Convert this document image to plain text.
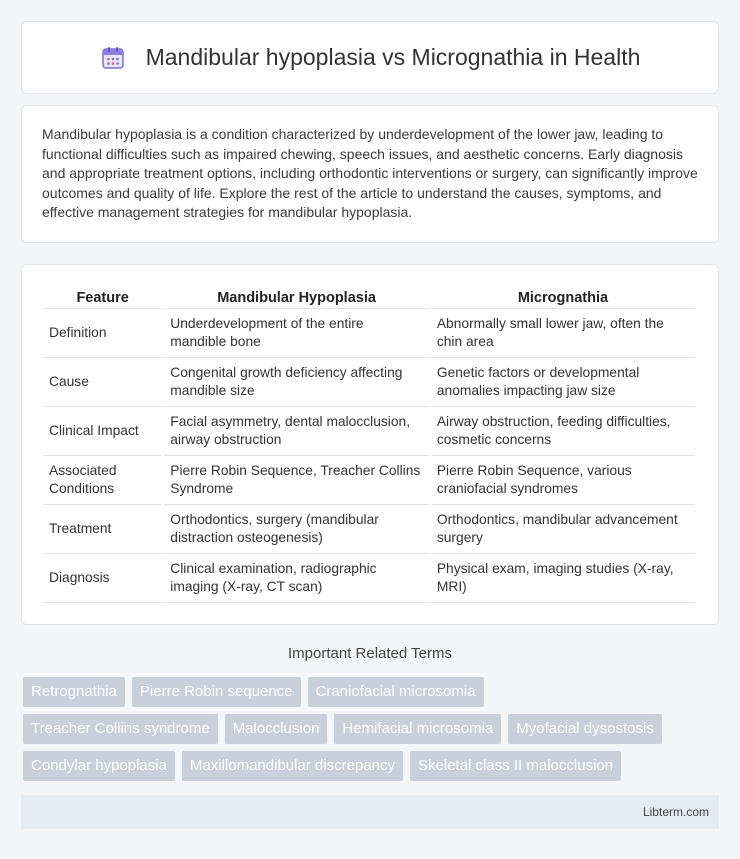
Mandibular hypoplasia vs Micrognathia in Health

Mandibular hypoplasia is a condition characterized by underdevelopment of the lower jaw, leading to functional difficulties such as impaired chewing, speech issues, and aesthetic concerns. Early diagnosis and appropriate treatment options, including orthodontic interventions or surgery, can significantly improve outcomes and quality of life. Explore the rest of the article to understand the causes, symptoms, and effective management strategies for mandibular hypoplasia.

Feature	Mandibular Hypoplasia	Micrognathia
Definition	Underdevelopment of the entire mandible bone	Abnormally small lower jaw, often the chin area
Cause	Congenital growth deficiency affecting mandible size	Genetic factors or developmental anomalies impacting jaw size
Clinical Impact	Facial asymmetry, dental malocclusion, airway obstruction	Airway obstruction, feeding difficulties, cosmetic concerns
Associated Conditions	Pierre Robin Sequence, Treacher Collins Syndrome	Pierre Robin Sequence, various craniofacial syndromes
Treatment	Orthodontics, surgery (mandibular distraction osteogenesis)	Orthodontics, mandibular advancement surgery
Diagnosis	Clinical examination, radiographic imaging (X-ray, CT scan)	Physical exam, imaging studies (X-ray, MRI)
Important Related Terms
Retrognathia	Pierre Robin sequence	Craniofacial microsomia
Treacher Collins syndrome	Malocclusion	Hemifacial microsomia	Myofacial dysostosis
Condylar hypoplasia	Maxillomandibular discrepancy	Skeletal class II malocclusion
Libterm.com
